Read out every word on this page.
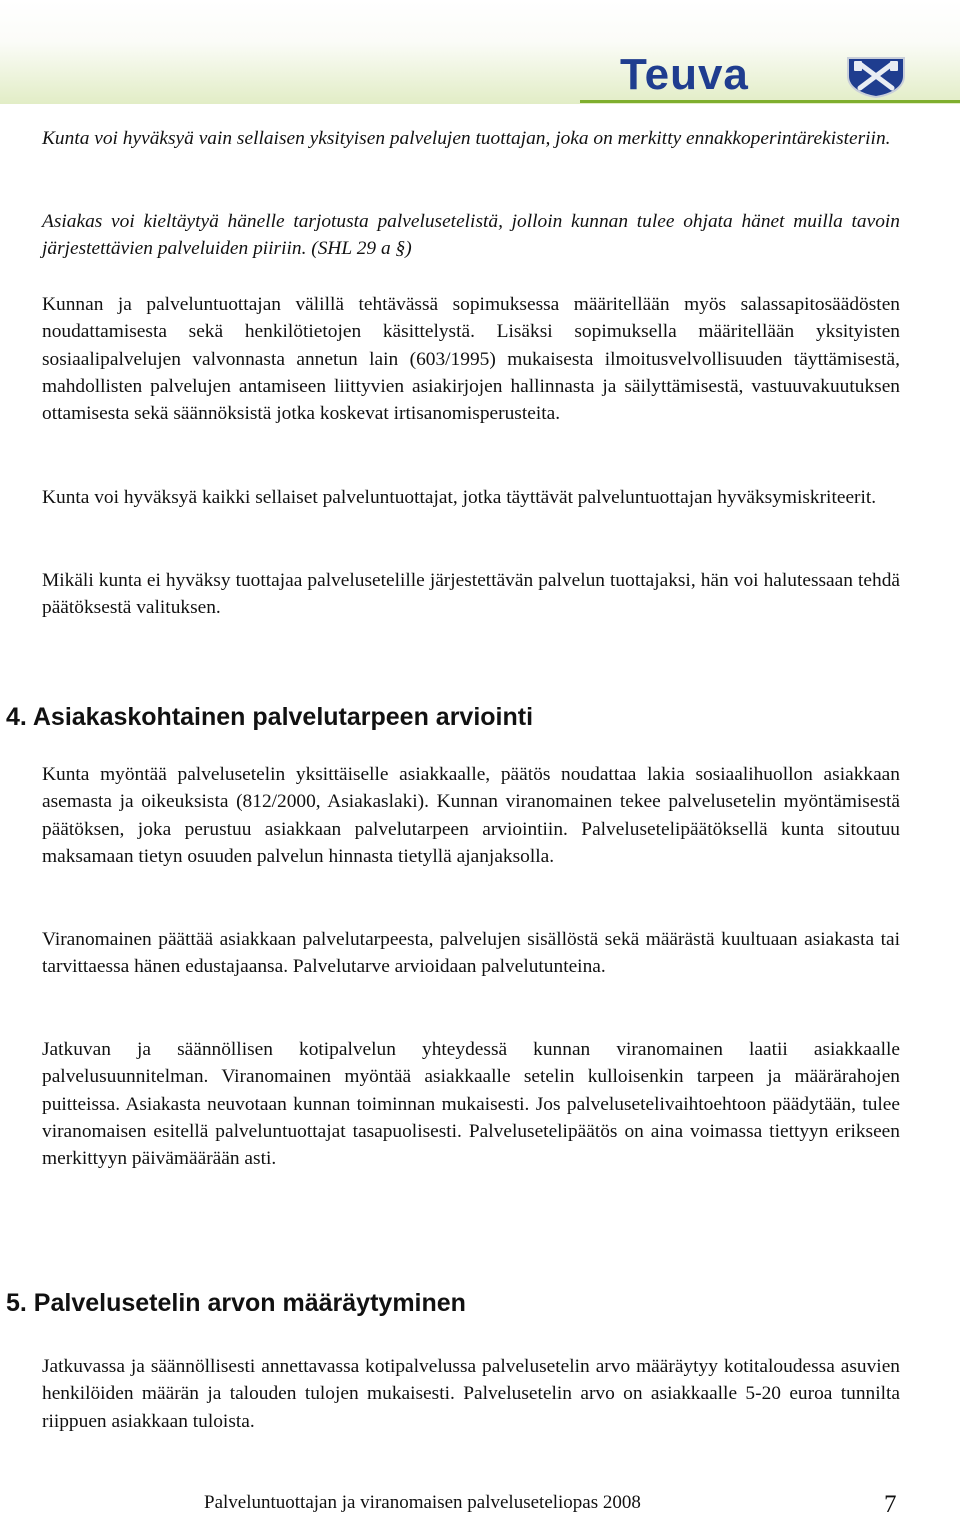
Teuva

Kunta voi hyväksyä vain sellaisen yksityisen palvelujen tuottajan, joka on merkitty ennakkoperintärekisteriin.

Asiakas voi kieltäytyä hänelle tarjotusta palvelusetelistä, jolloin kunnan tulee ohjata hänet muilla tavoin järjestettävien palveluiden piiriin. (SHL 29 a §)

Kunnan ja palveluntuottajan välillä tehtävässä sopimuksessa määritellään myös salassapitosäädösten noudattamisesta sekä henkilötietojen käsittelystä. Lisäksi sopimuksella määritellään yksityisten sosiaalipalvelujen valvonnasta annetun lain (603/1995) mukaisesta ilmoitusvelvollisuuden täyttämisestä, mahdollisten palvelujen antamiseen liittyvien asiakirjojen hallinnasta ja säilyttämisestä, vastuuvakuutuksen ottamisesta sekä säännöksistä jotka koskevat irtisanomisperusteita.

Kunta voi hyväksyä kaikki sellaiset palveluntuottajat, jotka täyttävät palveluntuottajan hyväksymiskriteerit.

Mikäli kunta ei hyväksy tuottajaa palvelusetelille järjestettävän palvelun tuottajaksi, hän voi halutessaan tehdä päätöksestä valituksen.

Kunta myöntää palvelusetelin yksittäiselle asiakkaalle, päätös noudattaa lakia sosiaalihuollon asiakkaan asemasta ja oikeuksista (812/2000, Asiakaslaki). Kunnan viranomainen tekee palvelusetelin myöntämisestä päätöksen, joka perustuu asiakkaan palvelutarpeen arviointiin. Palvelusetelipäätöksellä kunta sitoutuu maksamaan tietyn osuuden palvelun hinnasta tietyllä ajanjaksolla.

Viranomainen päättää asiakkaan palvelutarpeesta, palvelujen sisällöstä sekä määrästä kuultuaan asiakasta tai tarvittaessa hänen edustajaansa. Palvelutarve arvioidaan palvelutunteina.

Jatkuvan ja säännöllisen kotipalvelun yhteydessä kunnan viranomainen laatii asiakkaalle palvelusuunnitelman. Viranomainen myöntää asiakkaalle setelin kulloisenkin tarpeen ja määrärahojen puitteissa. Asiakasta neuvotaan kunnan toiminnan mukaisesti. Jos palvelusetelivaihtoehtoon päädytään, tulee viranomaisen esitellä palveluntuottajat tasapuolisesti. Palvelusetelipäätös on aina voimassa tiettyyn erikseen merkittyyn päivämäärään asti.

Jatkuvassa ja säännöllisesti annettavassa kotipalvelussa palvelusetelin arvo määräytyy kotitaloudessa asuvien henkilöiden määrän ja talouden tulojen mukaisesti. Palvelusetelin arvo on asiakkaalle 5-20 euroa tunnilta riippuen asiakkaan tuloista.

4. Asiakaskohtainen palvelutarpeen arviointi
5. Palvelusetelin arvon määräytyminen
Palveluntuottajan ja viranomaisen palveluseteliopas 2008	7
